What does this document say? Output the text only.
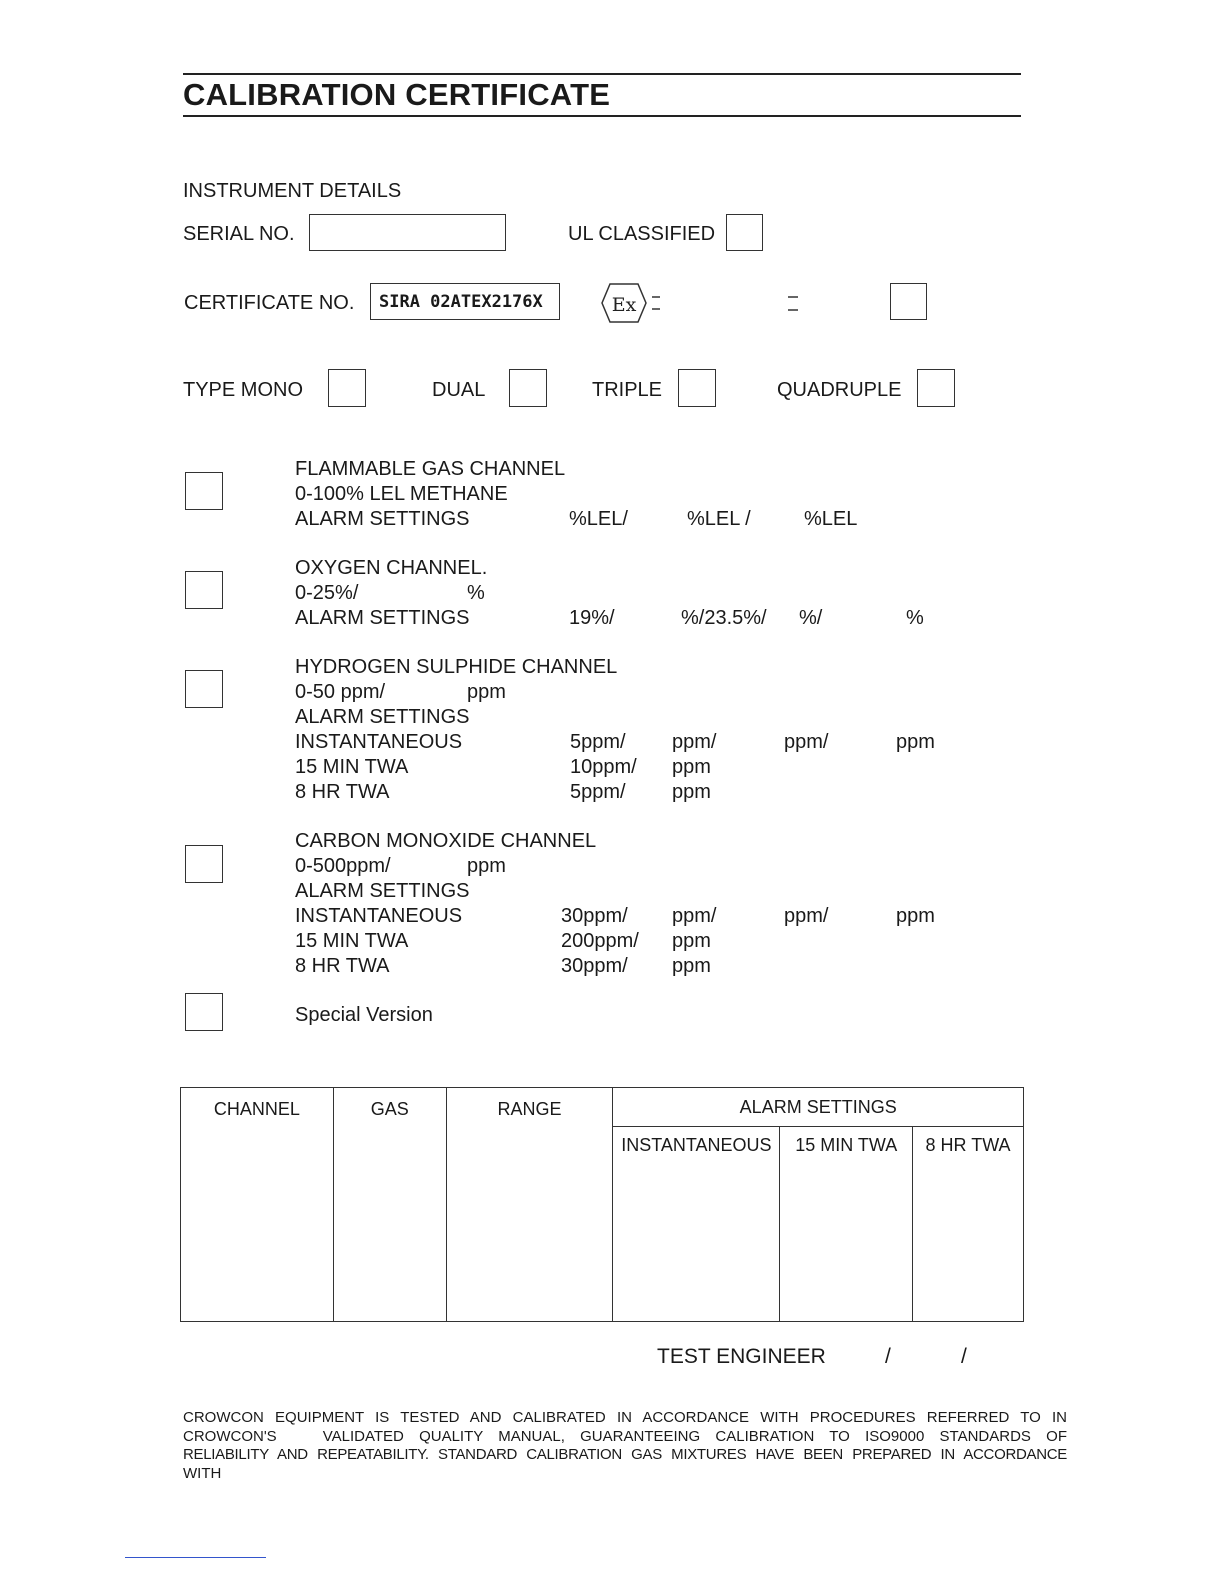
CALIBRATION CERTIFICATE
INSTRUMENT DETAILS
SERIAL NO.	UL CLASSIFIED
CERTIFICATE NO. SIRA 02ATEX2176X	Ex
TYPE MONO	DUAL	TRIPLE	QUADRUPLE
FLAMMABLE GAS CHANNEL
0-100% LEL METHANE
ALARM SETTINGS	%LEL/	%LEL /	%LEL
OXYGEN CHANNEL.
0-25%/	%
ALARM SETTINGS	19%/	%/23.5%/ %/	%
HYDROGEN SULPHIDE CHANNEL
0-50 ppm/	ppm
ALARM SETTINGS
INSTANTANEOUS	5ppm/ ppm/	ppm/	ppm
15 MIN TWA	10ppm/ ppm
8 HR TWA	5ppm/ ppm
CARBON MONOXIDE CHANNEL
0-500ppm/	ppm
ALARM SETTINGS
INSTANTANEOUS	30ppm/ ppm/	ppm/	ppm
15 MIN TWA	200ppm/ ppm
8 HR TWA	30ppm/ ppm
Special Version
CHANNEL	GAS	RANGE	ALARM SETTINGS		
			INSTANTANEOUS	15 MIN TWA	8 HR TWA
TEST ENGINEER	/	/
CROWCON EQUIPMENT IS TESTED AND CALIBRATED IN ACCORDANCE WITH PROCEDURES REFERRED TO IN
CROWCON'S	VALIDATED QUALITY MANUAL, GUARANTEEING CALIBRATION TO ISO9000 STANDARDS OF
RELIABILITY AND REPEATABILITY. STANDARD CALIBRATION GAS MIXTURES HAVE BEEN PREPARED IN ACCORDANCE
WITH
